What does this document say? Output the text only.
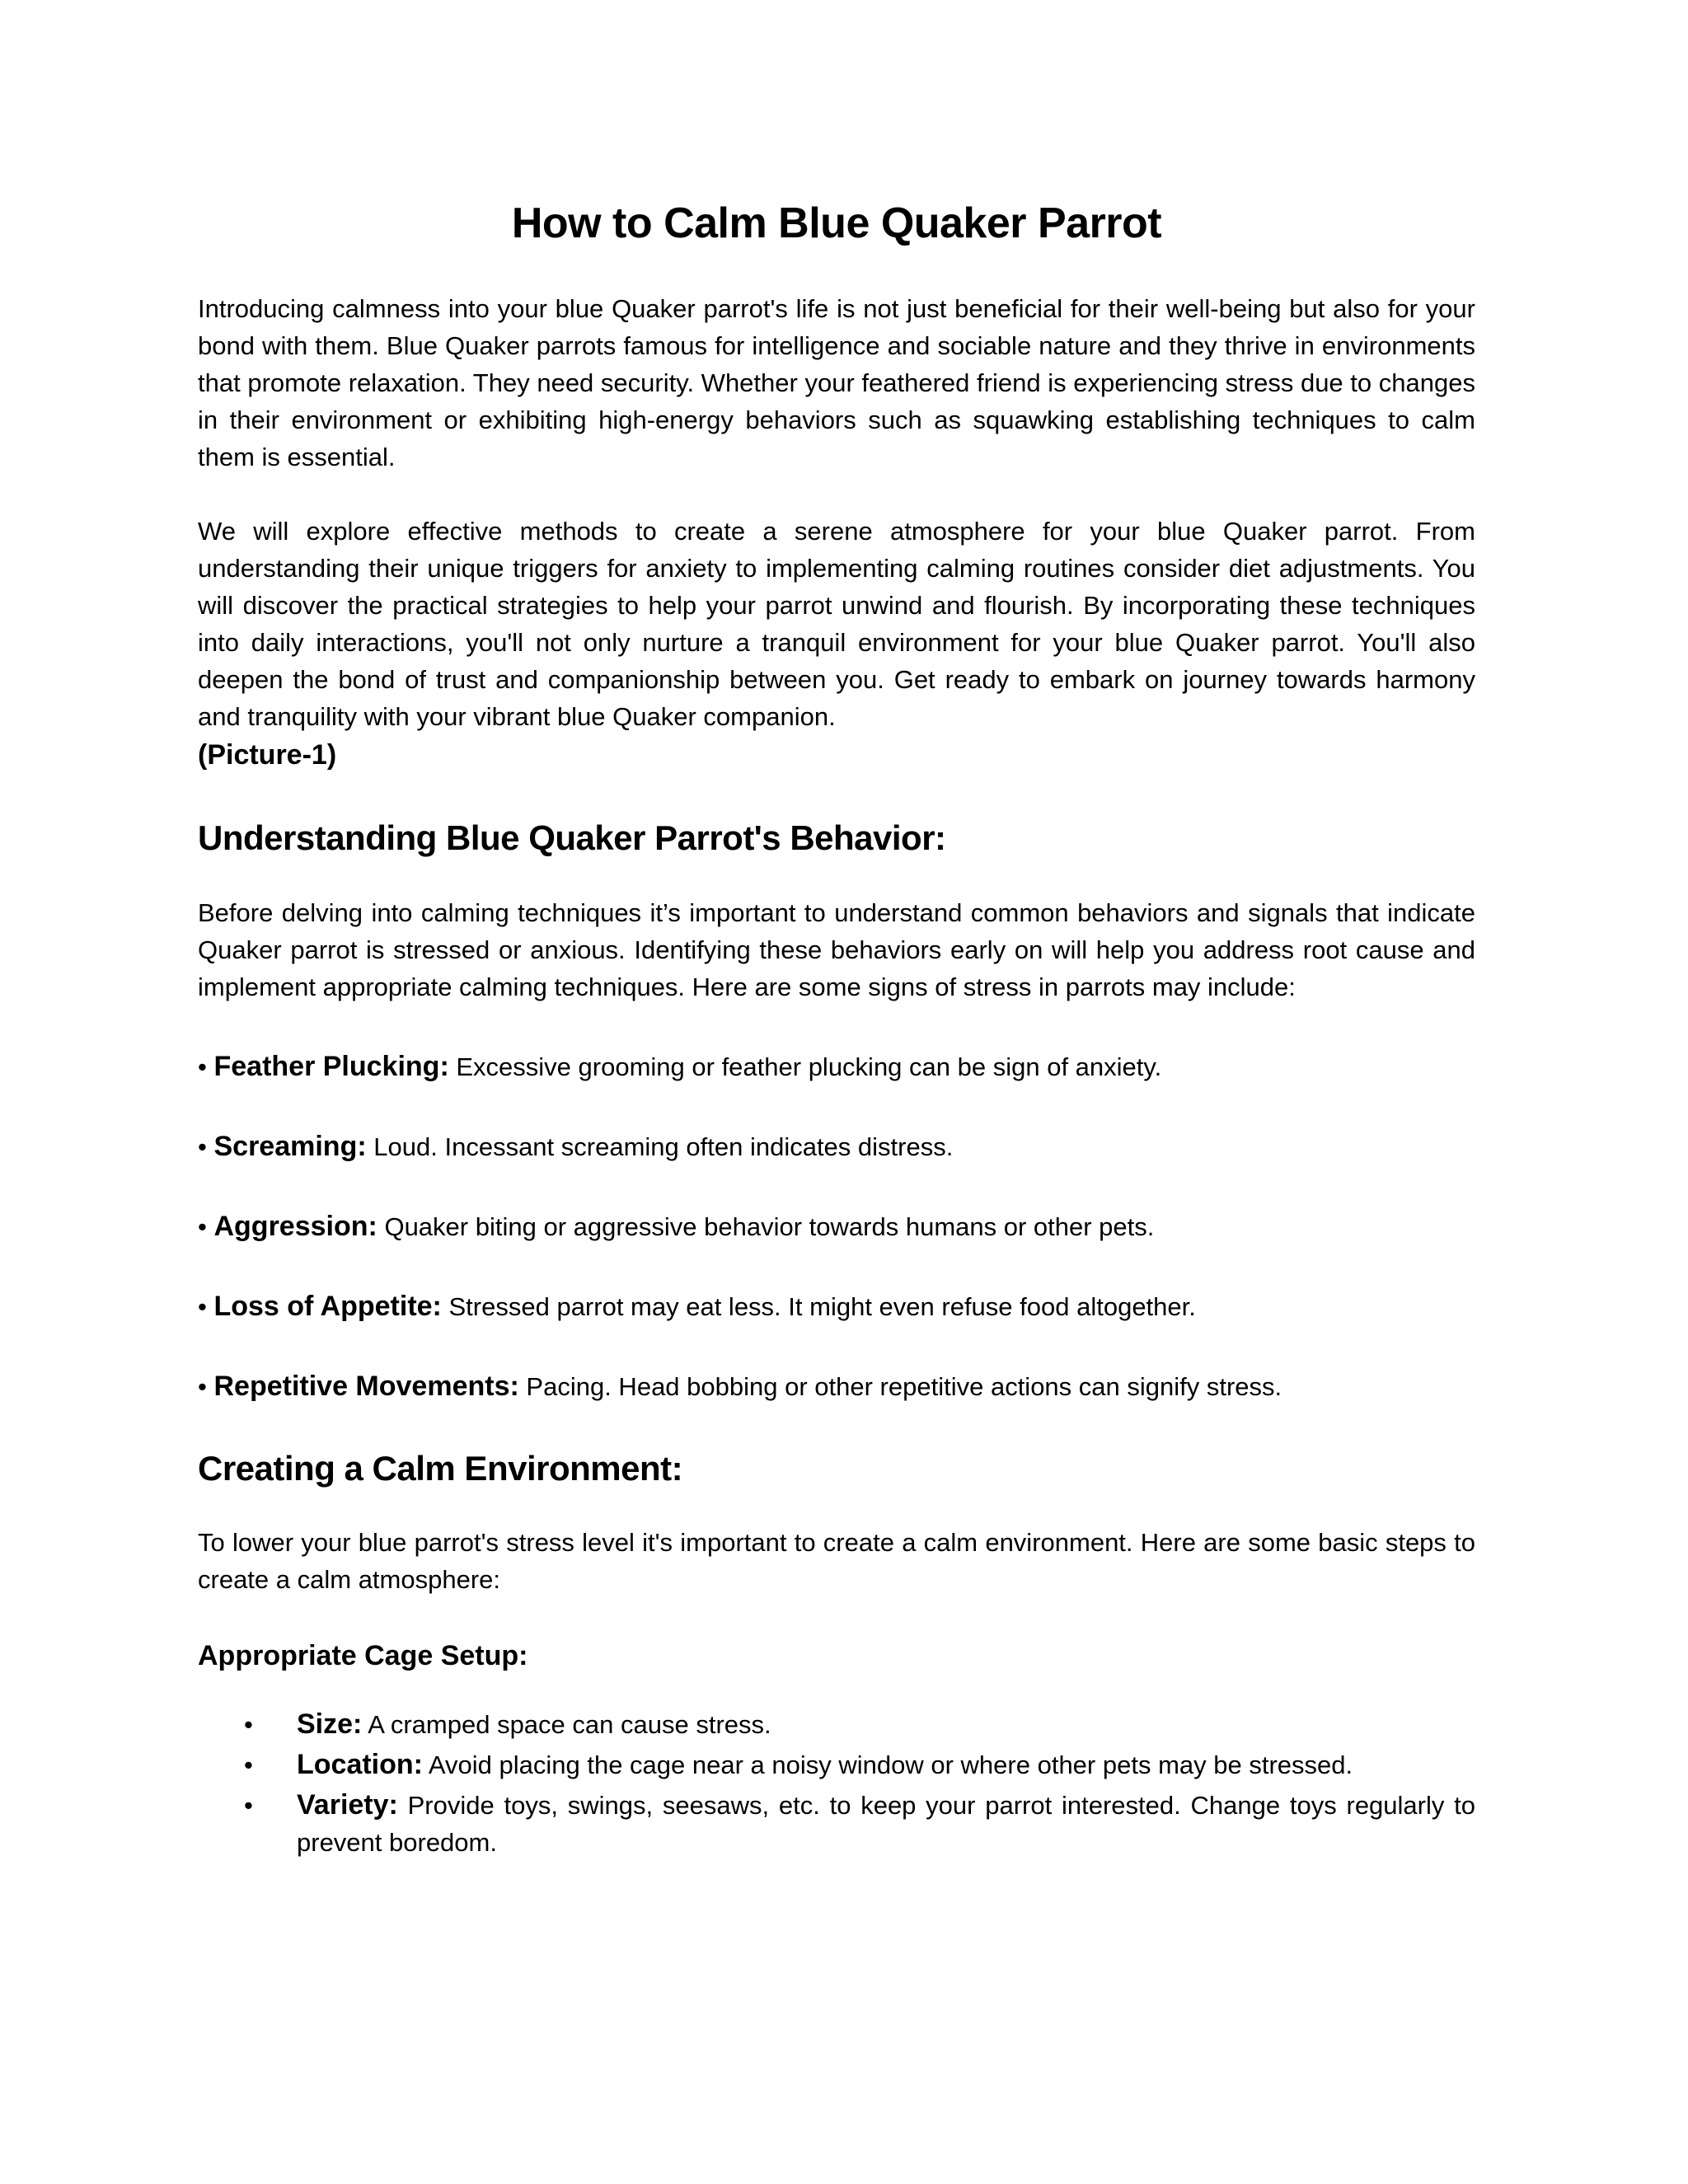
How to Calm Blue Quaker Parrot

Introducing calmness into your blue Quaker parrot's life is not just beneficial for their well-being but also for your bond with them. Blue Quaker parrots famous for intelligence and sociable nature and they thrive in environments that promote relaxation. They need security. Whether your feathered friend is experiencing stress due to changes in their environment or exhibiting high-energy behaviors such as squawking establishing techniques to calm them is essential.

We will explore effective methods to create a serene atmosphere for your blue Quaker parrot. From understanding their unique triggers for anxiety to implementing calming routines consider diet adjustments. You will discover the practical strategies to help your parrot unwind and flourish. By incorporating these techniques into daily interactions, you'll not only nurture a tranquil environment for your blue Quaker parrot. You'll also deepen the bond of trust and companionship between you. Get ready to embark on journey towards harmony and tranquility with your vibrant blue Quaker companion.

(Picture-1)

Understanding Blue Quaker Parrot's Behavior:

Before delving into calming techniques it’s important to understand common behaviors and signals that indicate Quaker parrot is stressed or anxious. Identifying these behaviors early on will help you address root cause and implement appropriate calming techniques. Here are some signs of stress in parrots may include:

• Feather Plucking: Excessive grooming or feather plucking can be sign of anxiety.
• Screaming: Loud. Incessant screaming often indicates distress.
• Aggression: Quaker biting or aggressive behavior towards humans or other pets.
• Loss of Appetite: Stressed parrot may eat less. It might even refuse food altogether.
• Repetitive Movements: Pacing. Head bobbing or other repetitive actions can signify stress.
Creating a Calm Environment:

To lower your blue parrot's stress level it's important to create a calm environment. Here are some basic steps to create a calm atmosphere:

Appropriate Cage Setup:
• Size: A cramped space can cause stress.
• Location: Avoid placing the cage near a noisy window or where other pets may be stressed.
• Variety: Provide toys, swings, seesaws, etc. to keep your parrot interested. Change toys regularly to prevent boredom.
